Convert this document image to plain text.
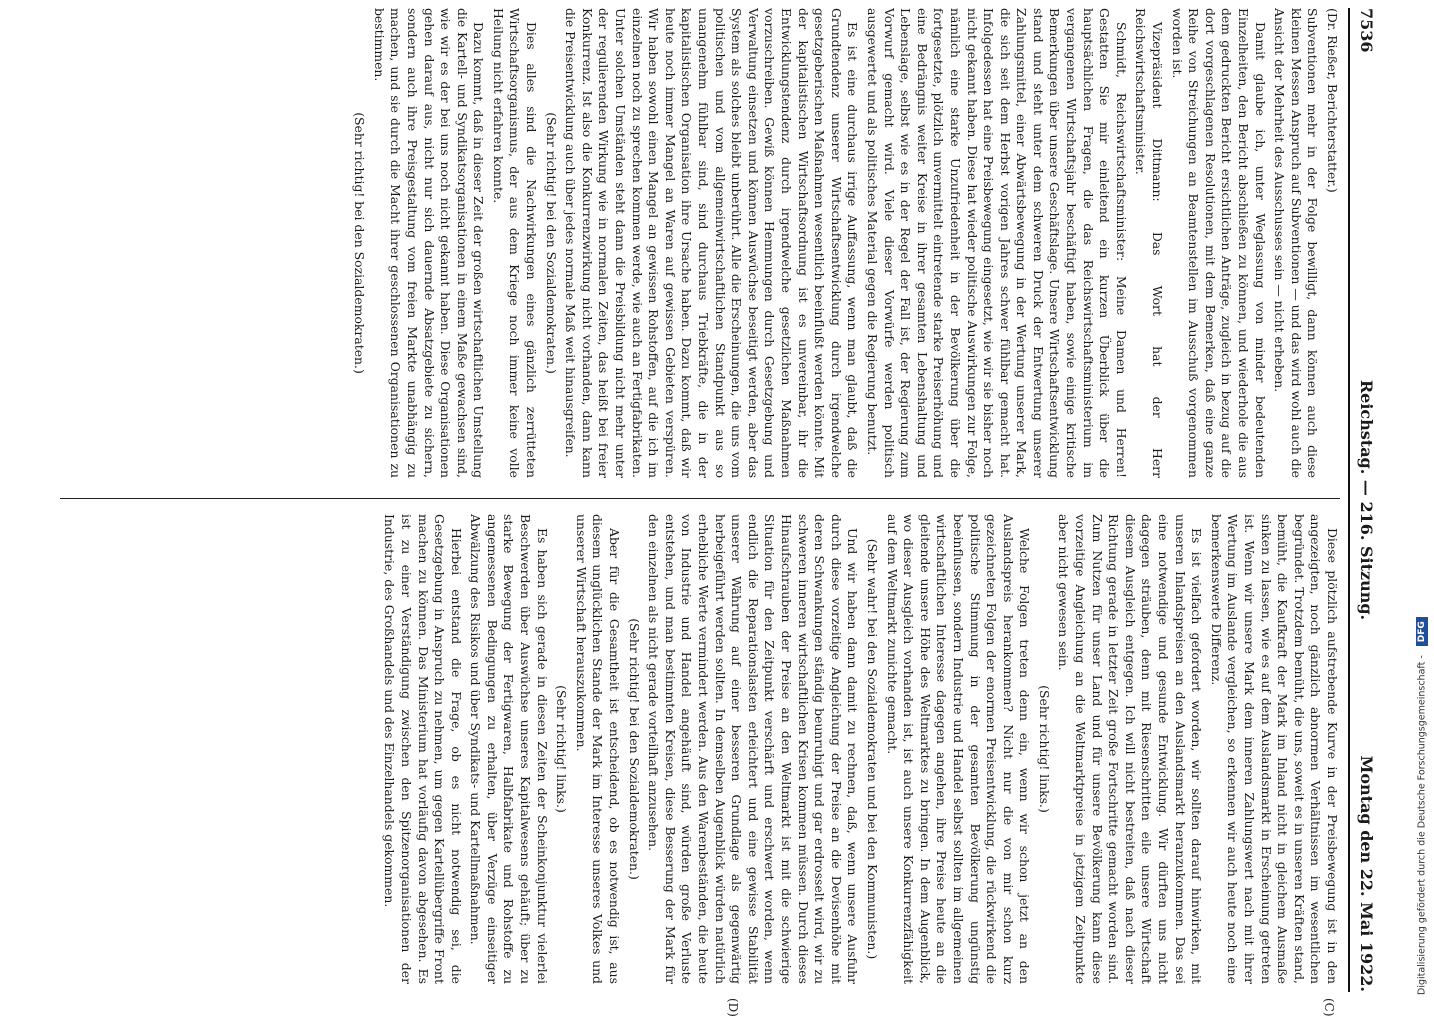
7536
Reichstag. — 216. Sitzung.
Montag den 22. Mai 1922.
(C)
(D)

(Dr. Rießer, Berichterstatter.)

Subventionen mehr in der Folge bewilligt, dann können auch diese kleinen Messen Anspruch auf Subventionen — und das wird wohl auch die Ansicht der Mehrheit des Ausschusses sein — nicht erheben.

Damit glaube ich, unter Weglassung von minder bedeutenden Einzelheiten, den Bericht abschließen zu können, und wiederhole die aus dem gedruckten Bericht ersichtlichen Anträge, zugleich in bezug auf die dort vorgeschlagenen Resolutionen, mit dem Bemerken, daß eine ganze Reihe von Streichungen an Beamtenstellen im Ausschuß vorgenommen worden ist.

Vizepräsident Dittmann: Das Wort hat der Herr Reichswirtschaftsminister.

Schmidt, Reichswirtschaftsminister: Meine Damen und Herren! Gestatten Sie mir einleitend ein kurzen Überblick über die hauptsächlichen Fragen, die das Reichswirtschaftsministerium im vergangenen Wirtschaftsjahr beschäftigt haben, sowie einige kritische Bemerkungen über unsere Geschäftslage. Unsere Wirtschaftsentwicklung stand und steht unter dem schweren Druck der Entwertung unserer Zahlungsmittel, einer Abwärtsbewegung in der Wertung unserer Mark, die sich seit dem Herbst vorigen Jahres schwer fühlbar gemacht hat. Infolgedessen hat eine Preisbewegung eingesetzt, wie wir sie bisher noch nicht gekannt haben. Diese hat wieder politische Auswirkungen zur Folge, nämlich eine starke Unzufriedenheit in der Bevölkerung über die fortgesetzte, plötzlich unvermittelt eintretende starke Preiserhöhung und eine Bedrängnis weiter Kreise in ihrer gesamten Lebenshaltung und Lebenslage, selbst wie es in der Regel der Fall ist, der Regierung zum Vorwurf gemacht wird. Viele dieser Vorwürfe werden politisch ausgewertet und als politisches Material gegen die Regierung benutzt.

Es ist eine durchaus irrige Auffassung, wenn man glaubt, daß die Grundtendenz unserer Wirtschaftsentwicklung durch irgendwelche gesetzgeberischen Maßnahmen wesentlich beeinflußt werden könnte. Mit der kapitalistischen Wirtschaftsordnung ist es unvereinbar, ihr die Entwicklungstendenz durch irgendwelche gesetzlichen Maßnahmen vorzuschreiben. Gewiß können Hemmungen durch Gesetzgebung und Verwaltung einsetzen und können Auswüchse beseitigt werden, aber das System als solches bleibt unberührt. Alle die Erscheinungen, die uns vom politischen und vom allgemeinwirtschaftlichen Standpunkt aus so unangenehm fühlbar sind, sind durchaus Triebkräfte, die in der kapitalistischen Organisation ihre Ursache haben. Dazu kommt, daß wir heute noch immer Mangel an Waren auf gewissen Gebieten verspüren. Wir haben sowohl einen Mangel an gewissen Rohstoffen, auf die ich im einzelnen noch zu sprechen kommen werde, wie auch an Fertigfabrikaten. Unter solchen Umständen steht dann die Preisbildung nicht mehr unter der regulierenden Wirkung wie in normalen Zeiten, das heißt bei freier Konkurrenz. Ist also die Konkurrenzwirkung nicht vorhanden, dann kann die Preisentwicklung auch über jedes normale Maß weit hinausgreifen.

(Sehr richtig! bei den Sozialdemokraten.)

Dies alles sind die Nachwirkungen eines gänzlich zerrütteten Wirtschaftsorganismus, der aus dem Kriege noch immer keine volle Heilung nicht erfahren konnte.

Dazu kommt, daß in dieser Zeit der großen wirtschaftlichen Umstellung die Kartell- und Syndikatsorganisationen in einem Maße gewachsen sind, wie wir es der bei uns noch nicht gekannt haben. Diese Organisationen gehen darauf aus, nicht nur sich dauernde Absatzgebiete zu sichern, sondern auch ihre Preisgestaltung vom freien Markte unabhängig zu machen, und sie durch die Macht ihrer geschlossenen Organisationen zu bestimmen.

(Sehr richtig! bei den Sozialdemokraten.)

Diese plötzlich aufstrebende Kurve in der Preisbewegung ist in den angezeigten, noch gänzlich abnormen Verhältnissen im wesentlichen begründet. Trotzdem bemüht, die uns, soweit es in unseren Kräften stand, bemüht, die Kaufkraft der Mark im Inland nicht in gleichem Ausmaße sinken zu lassen, wie es auf dem Auslandsmarkt in Erscheinung getreten ist. Wenn wir unsere Mark dem inneren Zahlungswert nach mit ihrer Wertung im Auslande vergleichen, so erkennen wir auch heute noch eine bemerkenswerte Differenz.

Es ist vielfach gefordert worden, wir sollten darauf hinwirken, mit unseren Inlandspreisen an den Auslandsmarkt heranzukommen. Das sei eine notwendige und gesunde Entwicklung. Wir dürften uns nicht dagegen sträuben, denn mit Riesenschritten eile unsere Wirtschaft diesem Ausgleich entgegen. Ich will nicht bestreiten, daß nach dieser Richtung gerade in letzter Zeit große Fortschritte gemacht worden sind. Zum Nutzen für unser Land und für unsere Bevölkerung kann diese vorzeitige Angleichung an die Weltmarktpreise in jetzigem Zeitpunkte aber nicht gewesen sein.

(Sehr richtig! links.)

Welche Folgen treten denn ein, wenn wir schon jetzt an den Auslandspreis herankommen? Nicht nur die von mir schon kurz gezeichneten Folgen der enormen Preisentwicklung, die rückwirkend die politische Stimmung in der gesamten Bevölkerung ungünstig beeinflussen, sondern Industrie und Handel selbst sollten im allgemeinen wirtschaftlichen Interesse dagegen angehen, ihre Preise heute an die gleitende unsere Höhe des Weltmarktes zu bringen. In dem Augenblick, wo dieser Ausgleich vorhanden ist, ist auch unsere Konkurrenzfähigkeit auf dem Weltmarkt zunichte gemacht.

(Sehr wahr! bei den Sozialdemokraten und bei den Kommunisten.)

Und wir haben dann damit zu rechnen, daß, wenn unsere Ausfuhr durch diese vorzeitige Angleichung der Preise an die Devisenhöhe mit deren Schwankungen ständig beunruhigt und gar erdrosselt wird, wir zu schweren inneren wirtschaftlichen Krisen kommen müssen. Durch dieses Hinaufschrauben der Preise an den Weltmarkt ist mit die schwierige Situation für den Zeitpunkt verschärft und erschwert worden, wenn endlich die Reparationslasten erleichtert und eine gewisse Stabilität unserer Währung auf einer besseren Grundlage als gegenwärtig herbeigeführt werden sollten. In demselben Augenblick würden natürlich erhebliche Werte vermindert werden. Aus den Warenbeständen, die heute von Industrie und Handel angehäuft sind, würden große Verluste entstehen, und man bestimmten Kreisen, diese Besserung der Mark für den einzelnen als nicht gerade vorteilhaft anzusehen.

(Sehr richtig! bei den Sozialdemokraten.)

Aber für die Gesamtheit ist entscheidend, ob es notwendig ist, aus diesem unglücklichen Stande der Mark im Interesse unseres Volkes und unserer Wirtschaft herauszukommen.

(Sehr richtig! links.)

Es haben sich gerade in diesen Zeiten der Scheinkonjunktur vielerlei Beschwerden über Auswüchse unseres Kapitalwesens gehäuft; über zu starke Bewegung der Fertigwaren, Halbfabrikate und Rohstoffe zu angemessenen Bedingungen zu erhalten, über Verzüge einseitiger Abwälzung des Risikos und über Syndikats- und Kartellmaßnahmen.

Hierbei entstand die Frage, ob es nicht notwendig sei, die Gesetzgebung in Anspruch zu nehmen, um gegen Kartellübergriffe Front machen zu können. Das Ministerium hat vorläufig davon abgesehen. Es ist zu einer Verständigung zwischen den Spitzenorganisationen der Industrie, des Großhandels und des Einzelhandels gekommen.	Digitalisierung gefördert durch die Deutsche Forschungsgemeinschaft - DFG
